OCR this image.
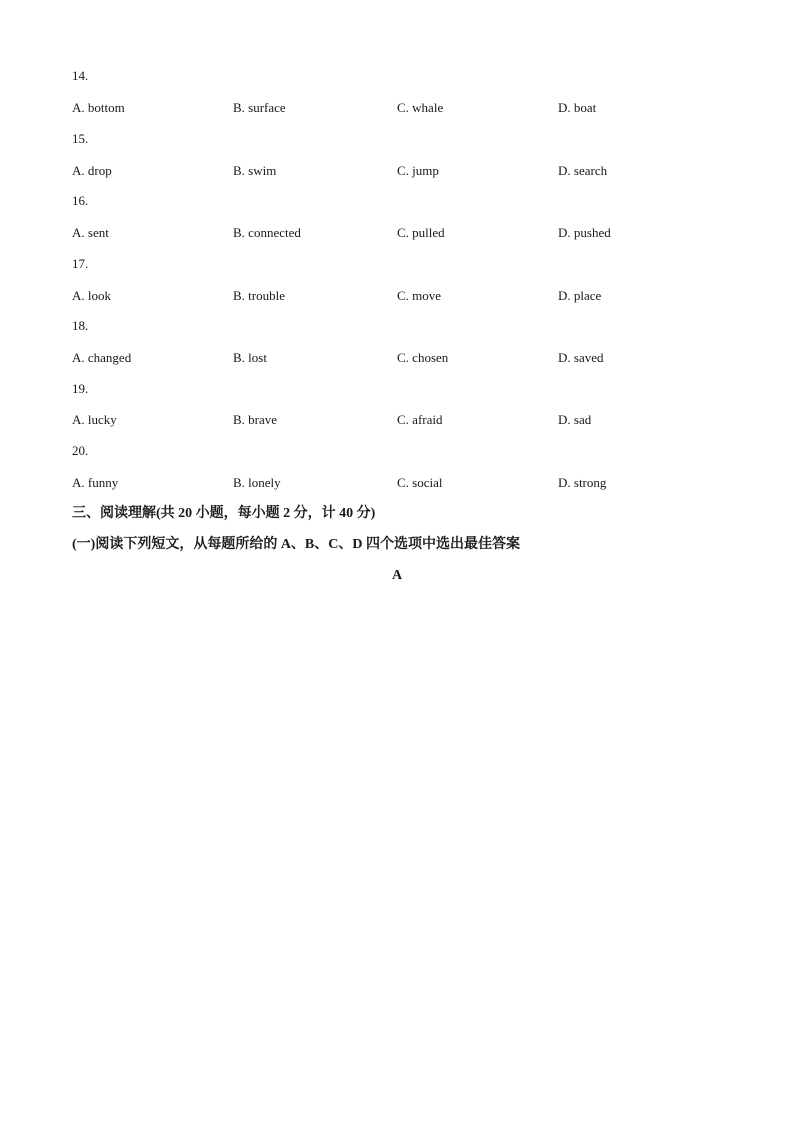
14.
A. bottom	B. surface	C. whale	D. boat
15.
A. drop	B. swim	C. jump	D. search
16.
A. sent	B. connected	C. pulled	D. pushed
17.
A. look	B. trouble	C. move	D. place
18.
A. changed	B. lost	C. chosen	D. saved
19.
A. lucky	B. brave	C. afraid	D. sad
20.
A. funny	B. lonely	C. social	D. strong
三、阅读理解(共 20 小题，每小题 2 分，计 40 分)
(一)阅读下列短文，从每题所给的 A、B、C、D 四个选项中选出最佳答案
A
